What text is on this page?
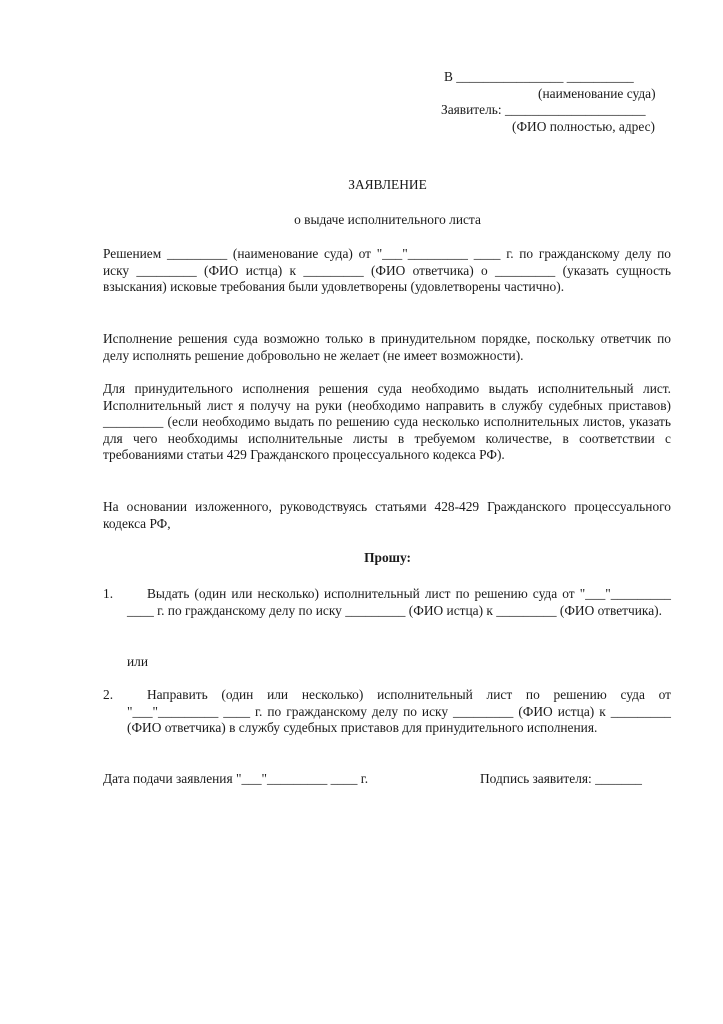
В ________________ __________
(наименование суда)
Заявитель: _____________________
(ФИО полностью, адрес)
ЗАЯВЛЕНИЕ
о выдаче исполнительного листа
Решением _________ (наименование суда) от "___"_________ ____ г. по гражданскому делу по иску _________ (ФИО истца) к _________ (ФИО ответчика) о _________ (указать сущность взыскания) исковые требования были удовлетворены (удовлетворены частично).
Исполнение решения суда возможно только в принудительном порядке, поскольку ответчик по делу исполнять решение добровольно не желает (не имеет возможности).
Для принудительного исполнения решения суда необходимо выдать исполнительный лист. Исполнительный лист я получу на руки (необходимо направить в службу судебных приставов) _________ (если необходимо выдать по решению суда несколько исполнительных листов, указать для чего необходимы исполнительные листы в требуемом количестве, в соответствии с требованиями статьи 429 Гражданского процессуального кодекса РФ).
На основании изложенного, руководствуясь статьями 428-429 Гражданского процессуального кодекса РФ,
Прошу:
1.	Выдать (один или несколько) исполнительный лист по решению суда от "___"_________ ____ г. по гражданскому делу по иску _________ (ФИО истца) к _________ (ФИО ответчика).
или
2.	Направить (один или несколько) исполнительный лист по решению суда от "___"_________ ____ г. по гражданскому делу по иску _________ (ФИО истца) к _________ (ФИО ответчика) в службу судебных приставов для принудительного исполнения.
Дата подачи заявления "___"_________ ____ г.	Подпись заявителя: _______
